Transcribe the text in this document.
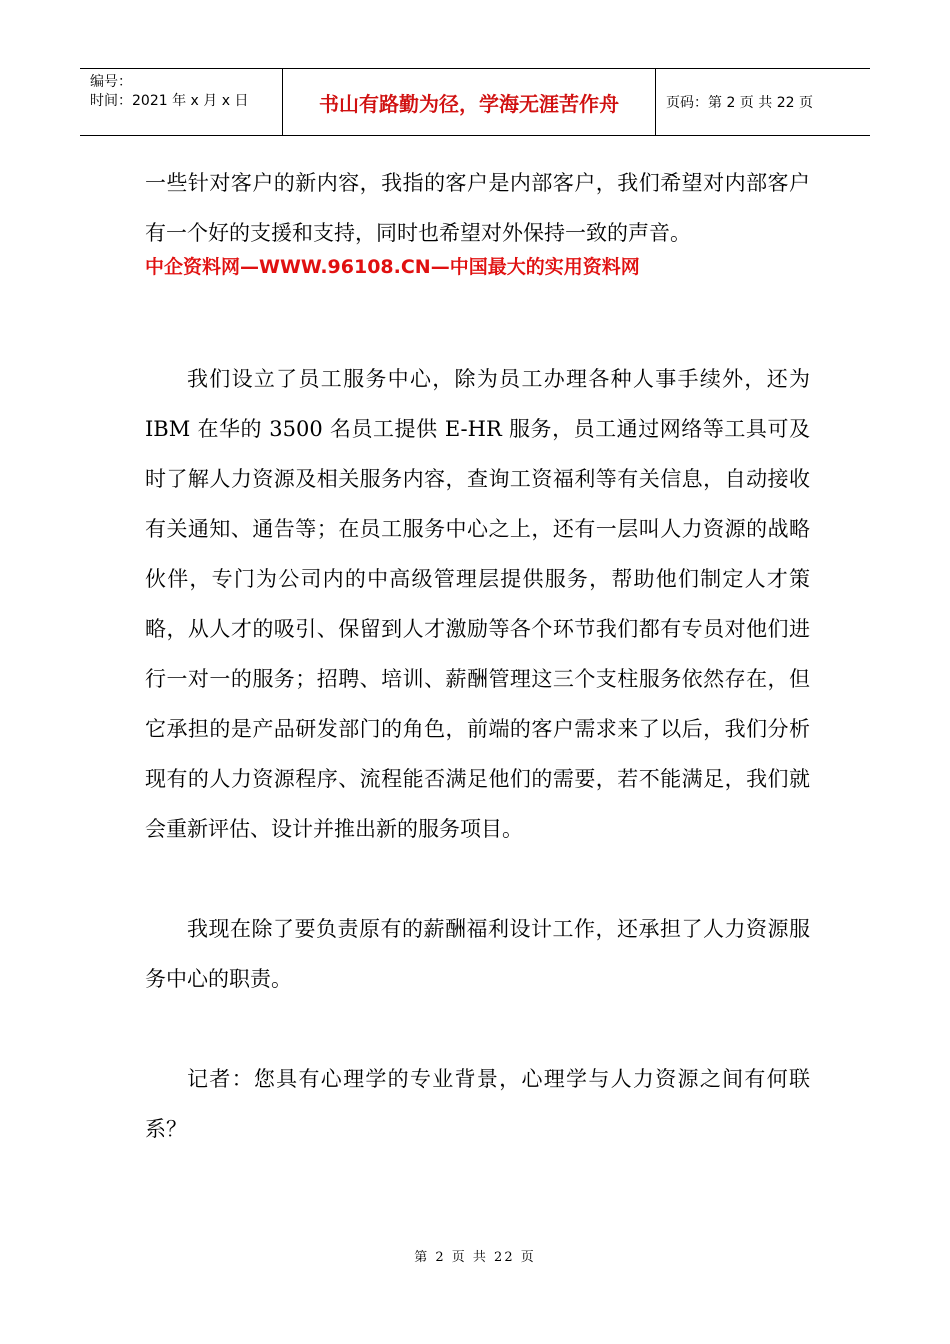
编号：
时间：2021 年 x 月 x 日	书山有路勤为径，学海无涯苦作舟	页码：第 2 页 共 22 页

一些针对客户的新内容，我指的客户是内部客户，我们希望对内部客户有一个好的支援和支持，同时也希望对外保持一致的声音。

中企资料网—WWW.96108.CN—中国最大的实用资料网

我们设立了员工服务中心，除为员工办理各种人事手续外，还为IBM 在华的 3500 名员工提供 E-HR 服务，员工通过网络等工具可及时了解人力资源及相关服务内容，查询工资福利等有关信息，自动接收有关通知、通告等；在员工服务中心之上，还有一层叫人力资源的战略伙伴，专门为公司内的中高级管理层提供服务，帮助他们制定人才策略，从人才的吸引、保留到人才激励等各个环节我们都有专员对他们进行一对一的服务；招聘、培训、薪酬管理这三个支柱服务依然存在，但它承担的是产品研发部门的角色，前端的客户需求来了以后，我们分析现有的人力资源程序、流程能否满足他们的需要，若不能满足，我们就会重新评估、设计并推出新的服务项目。

我现在除了要负责原有的薪酬福利设计工作，还承担了人力资源服务中心的职责。

记者：您具有心理学的专业背景，心理学与人力资源之间有何联系？

第 2 页 共 22 页
